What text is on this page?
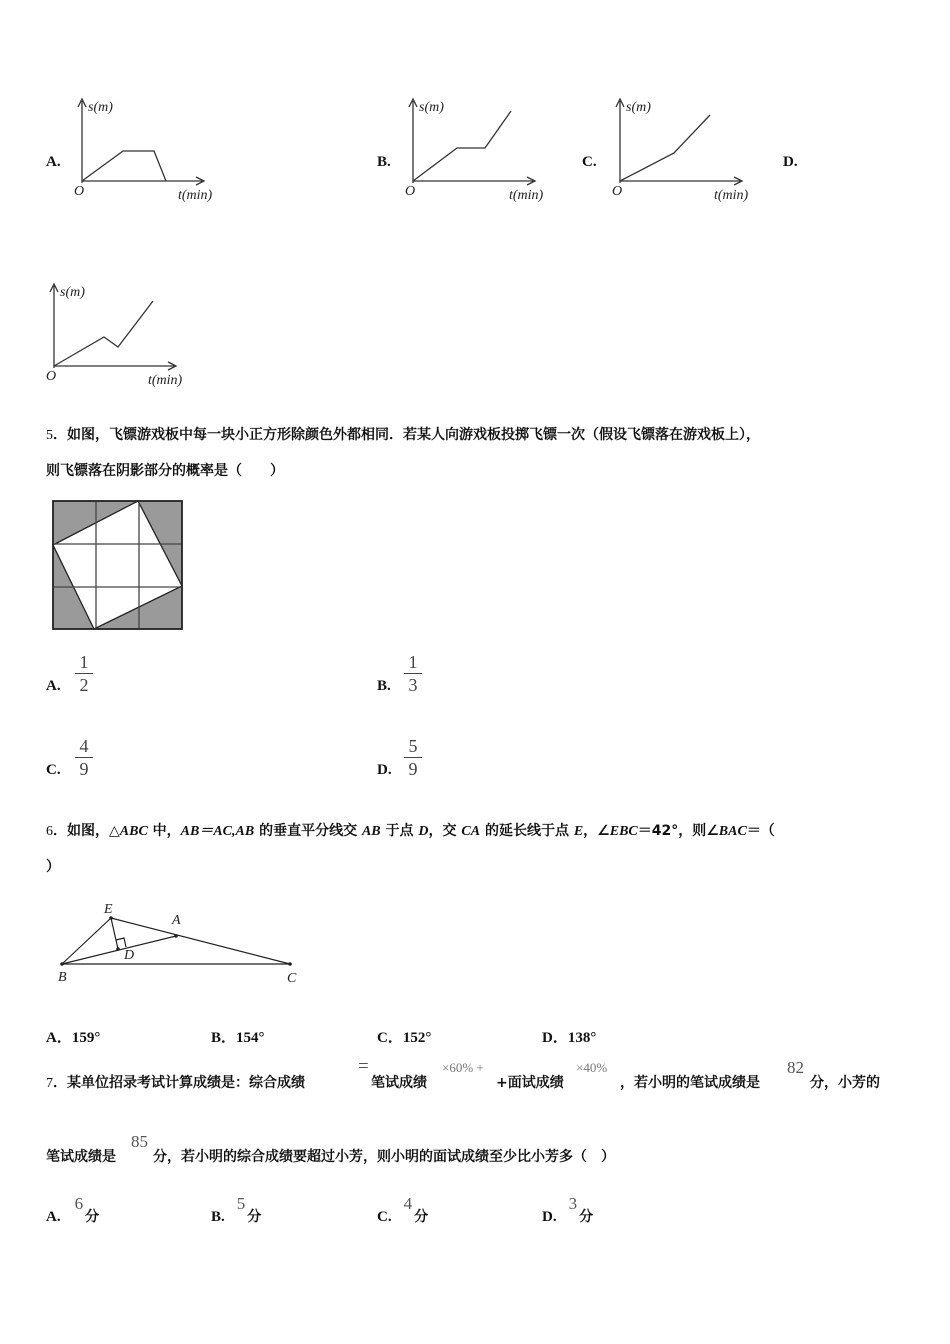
A.
s(m)
O	t(min)
B.
s(m)
O	t(min)
C.
s(m)
O	t(min)
D.
s(m)
O	t(min)
5．如图，飞镖游戏板中每一块小正方形除颜色外都相同．若某人向游戏板投掷飞镖一次（假设飞镖落在游戏板上），
则飞镖落在阴影部分的概率是（　　）
A.
1
2	B.
1
3
C.
4
9	D.
5
9
6．如图，△ABC 中，AB＝AC,AB 的垂直平分线交 AB 于点 D，交 CA 的延长线于点 E，∠EBC＝42°，则∠BAC＝（
）
E
A
D
B	C
A．159°	B．154°	C．152°	D．138°
7．某单位招录考试计算成绩是：综合成绩
=
笔试成绩
×60% +
+面试成绩
×40%
，若小明的笔试成绩是
82
分，小芳的
笔试成绩是
85
分，若小明的综合成绩要超过小芳，则小明的面试成绩至少比小芳多（　）
A.6分	B.5分	C.4分	D.3分
